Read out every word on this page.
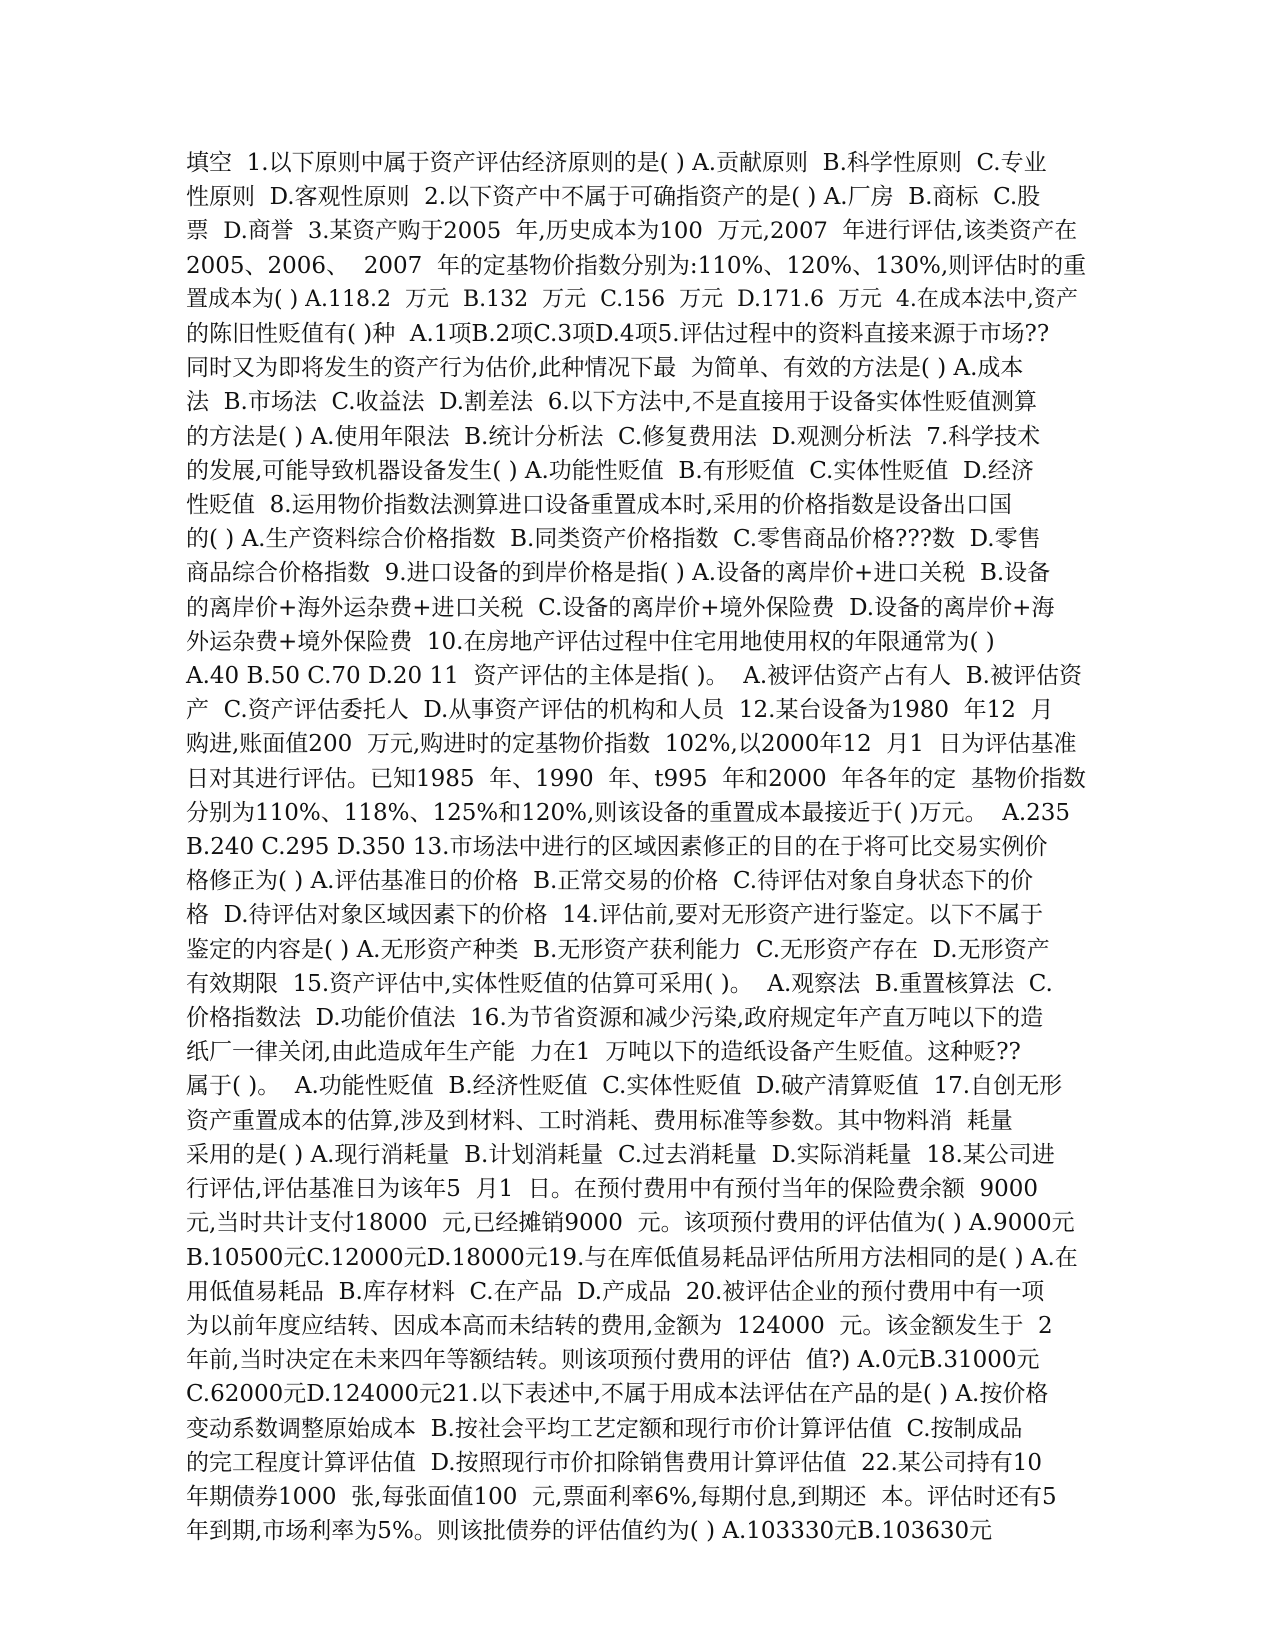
填空  1.以下原则中属于资产评估经济原则的是( ) A.贡献原则  B.科学性原则  C.专业

性原则  D.客观性原则  2.以下资产中不属于可确指资产的是( ) A.厂房  B.商标  C.股

票  D.商誉  3.某资产购于2005  年,历史成本为100  万元,2007  年进行评估,该类资产在

2005、2006、  2007  年的定基物价指数分别为:110%、120%、130%,则评估时的重

置成本为( ) A.118.2  万元  B.132  万元  C.156  万元  D.171.6  万元  4.在成本法中,资产

的陈旧性贬值有( )种  A.1项B.2项C.3项D.4项5.评估过程中的资料直接来源于市场??

同时又为即将发生的资产行为估价,此种情况下最  为简单、有效的方法是( ) A.成本

法  B.市场法  C.收益法  D.割差法  6.以下方法中,不是直接用于设备实体性贬值测算

的方法是( ) A.使用年限法  B.统计分析法  C.修复费用法  D.观测分析法  7.科学技术

的发展,可能导致机器设备发生( ) A.功能性贬值  B.有形贬值  C.实体性贬值  D.经济

性贬值  8.运用物价指数法测算进口设备重置成本时,采用的价格指数是设备出口国

的( ) A.生产资料综合价格指数  B.同类资产价格指数  C.零售商品价格???数  D.零售

商品综合价格指数  9.进口设备的到岸价格是指( ) A.设备的离岸价+进口关税  B.设备

的离岸价+海外运杂费+进口关税  C.设备的离岸价+境外保险费  D.设备的离岸价+海

外运杂费+境外保险费  10.在房地产评估过程中住宅用地使用权的年限通常为( )

A.40 B.50 C.70 D.20 11  资产评估的主体是指( )。  A.被评估资产占有人  B.被评估资

产  C.资产评估委托人  D.从事资产评估的机构和人员  12.某台设备为1980  年12  月

购进,账面值200  万元,购进时的定基物价指数  102%,以2000年12  月1  日为评估基准

日对其进行评估。已知1985  年、1990  年、t995  年和2000  年各年的定  基物价指数

分别为110%、118%、125%和120%,则该设备的重置成本最接近于( )万元。  A.235

B.240 C.295 D.350 13.市场法中进行的区域因素修正的目的在于将可比交易实例价

格修正为( ) A.评估基准日的价格  B.正常交易的价格  C.待评估对象自身状态下的价

格  D.待评估对象区域因素下的价格  14.评估前,要对无形资产进行鉴定。以下不属于

鉴定的内容是( ) A.无形资产种类  B.无形资产获利能力  C.无形资产存在  D.无形资产

有效期限  15.资产评估中,实体性贬值的估算可采用( )。  A.观察法  B.重置核算法  C.

价格指数法  D.功能价值法  16.为节省资源和减少污染,政府规定年产直万吨以下的造

纸厂一律关闭,由此造成年生产能  力在1  万吨以下的造纸设备产生贬值。这种贬??

属于( )。  A.功能性贬值  B.经济性贬值  C.实体性贬值  D.破产清算贬值  17.自创无形

资产重置成本的估算,涉及到材料、工时消耗、费用标准等参数。其中物料消  耗量

采用的是( ) A.现行消耗量  B.计划消耗量  C.过去消耗量  D.实际消耗量  18.某公司进

行评估,评估基准日为该年5  月1  日。在预付费用中有预付当年的保险费余额  9000

元,当时共计支付18000  元,已经摊销9000  元。该项预付费用的评估值为( ) A.9000元

B.10500元C.12000元D.18000元19.与在库低值易耗品评估所用方法相同的是( ) A.在

用低值易耗品  B.库存材料  C.在产品  D.产成品  20.被评估企业的预付费用中有一项

为以前年度应结转、因成本高而未结转的费用,金额为  124000  元。该金额发生于  2

年前,当时决定在未来四年等额结转。则该项预付费用的评估  值?) A.0元B.31000元

C.62000元D.124000元21.以下表述中,不属于用成本法评估在产品的是( ) A.按价格

变动系数调整原始成本  B.按社会平均工艺定额和现行市价计算评估值  C.按制成品

的完工程度计算评估值  D.按照现行市价扣除销售费用计算评估值  22.某公司持有10

年期债券1000  张,每张面值100  元,票面利率6%,每期付息,到期还  本。评估时还有5

年到期,市场利率为5%。则该批债券的评估值约为( ) A.103330元B.103630元
